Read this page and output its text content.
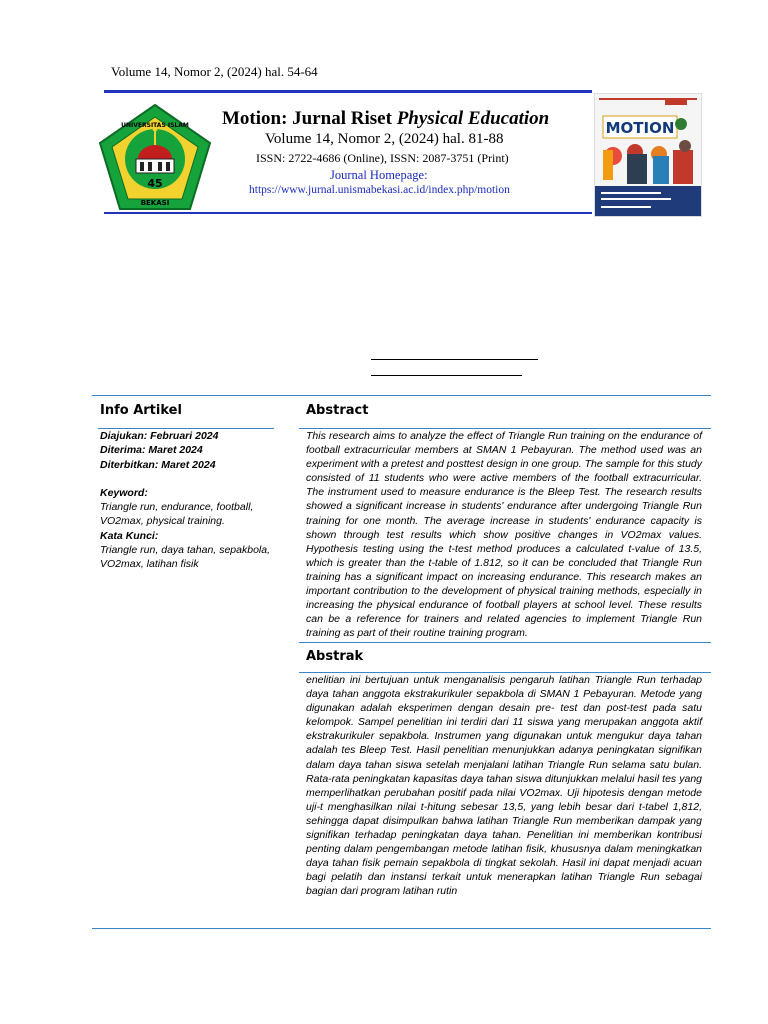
Volume 14, Nomor 2, (2024) hal. 54-64
45
UNIVERSITAS ISLAM
BEKASI
Motion: Jurnal Riset Physical Education
Volume 14, Nomor 2, (2024) hal. 81-88
ISSN: 2722-4686 (Online), ISSN: 2087-3751 (Print)
Journal Homepage:
https://www.jurnal.unismabekasi.ac.id/index.php/motion
MOTION
Info Artikel	Abstract
Diajukan: Februari 2024
Diterima: Maret 2024
Diterbitkan: Maret 2024
Keyword:
Triangle run, endurance, football, VO2max, physical training.
Kata Kunci:
Triangle run, daya tahan, sepakbola, VO2max, latihan fisik
This research aims to analyze the effect of Triangle Run training on the endurance of football extracurricular members at SMAN 1 Pebayuran. The method used was an experiment with a pretest and posttest design in one group. The sample for this study consisted of 11 students who were active members of the football extracurricular. The instrument used to measure endurance is the Bleep Test. The research results showed a significant increase in students' endurance after undergoing Triangle Run training for one month. The average increase in students' endurance capacity is shown through test results which show positive changes in VO2max values. Hypothesis testing using the t-test method produces a calculated t-value of 13.5, which is greater than the t-table of 1.812, so it can be concluded that Triangle Run training has a significant impact on increasing endurance. This research makes an important contribution to the development of physical training methods, especially in increasing the physical endurance of football players at school level. These results can be a reference for trainers and related agencies to implement Triangle Run training as part of their routine training program.
Abstrak
enelitian ini bertujuan untuk menganalisis pengaruh latihan Triangle Run terhadap daya tahan anggota ekstrakurikuler sepakbola di SMAN 1 Pebayuran. Metode yang digunakan adalah eksperimen dengan desain pre- test dan post-test pada satu kelompok. Sampel penelitian ini terdiri dari 11 siswa yang merupakan anggota aktif ekstrakurikuler sepakbola. Instrumen yang digunakan untuk mengukur daya tahan adalah tes Bleep Test. Hasil penelitian menunjukkan adanya peningkatan signifikan dalam daya tahan siswa setelah menjalani latihan Triangle Run selama satu bulan. Rata-rata peningkatan kapasitas daya tahan siswa ditunjukkan melalui hasil tes yang memperlihatkan perubahan positif pada nilai VO2max. Uji hipotesis dengan metode uji-t menghasilkan nilai t-hitung sebesar 13,5, yang lebih besar dari t-tabel 1,812, sehingga dapat disimpulkan bahwa latihan Triangle Run memberikan dampak yang signifikan terhadap peningkatan daya tahan. Penelitian ini memberikan kontribusi penting dalam pengembangan metode latihan fisik, khususnya dalam meningkatkan daya tahan fisik pemain sepakbola di tingkat sekolah. Hasil ini dapat menjadi acuan bagi pelatih dan instansi terkait untuk menerapkan latihan Triangle Run sebagai bagian dari program latihan rutin
